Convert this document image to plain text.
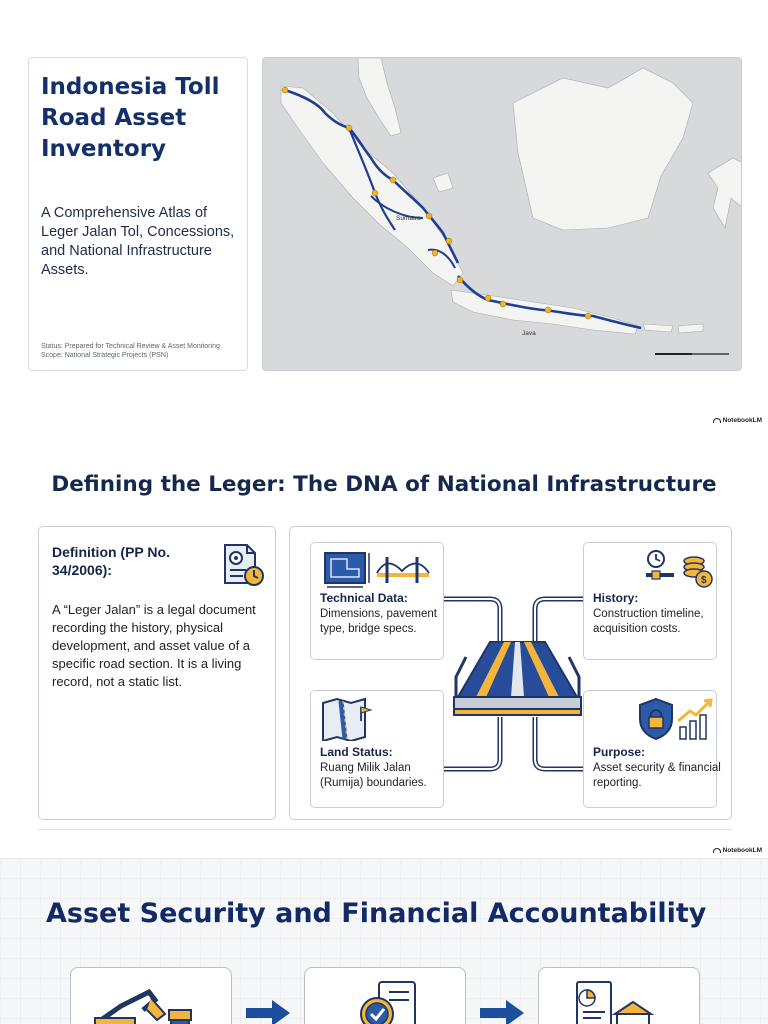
Indonesia Toll Road Asset Inventory

A Comprehensive Atlas of Leger Jalan Tol, Concessions, and National Infrastructure Assets.

Status: Prepared for Technical Review & Asset Monitoring
Scope: National Strategic Projects (PSN)
Sumatra
Java
NotebookLM
Defining the Leger: The DNA of National Infrastructure
Definition (PP No. 34/2006):

A “Leger Jalan” is a legal document recording the history, physical development, and asset value of a specific road section. It is a living record, not a static list.

Technical Data:
Dimensions, pavement type, bridge specs.
$
History:
Construction timeline, acquisition costs.
Land Status:
Ruang Milik Jalan (Rumija) boundaries.
Purpose:
Asset security & financial reporting.
NotebookLM
Asset Security and Financial Accountability
